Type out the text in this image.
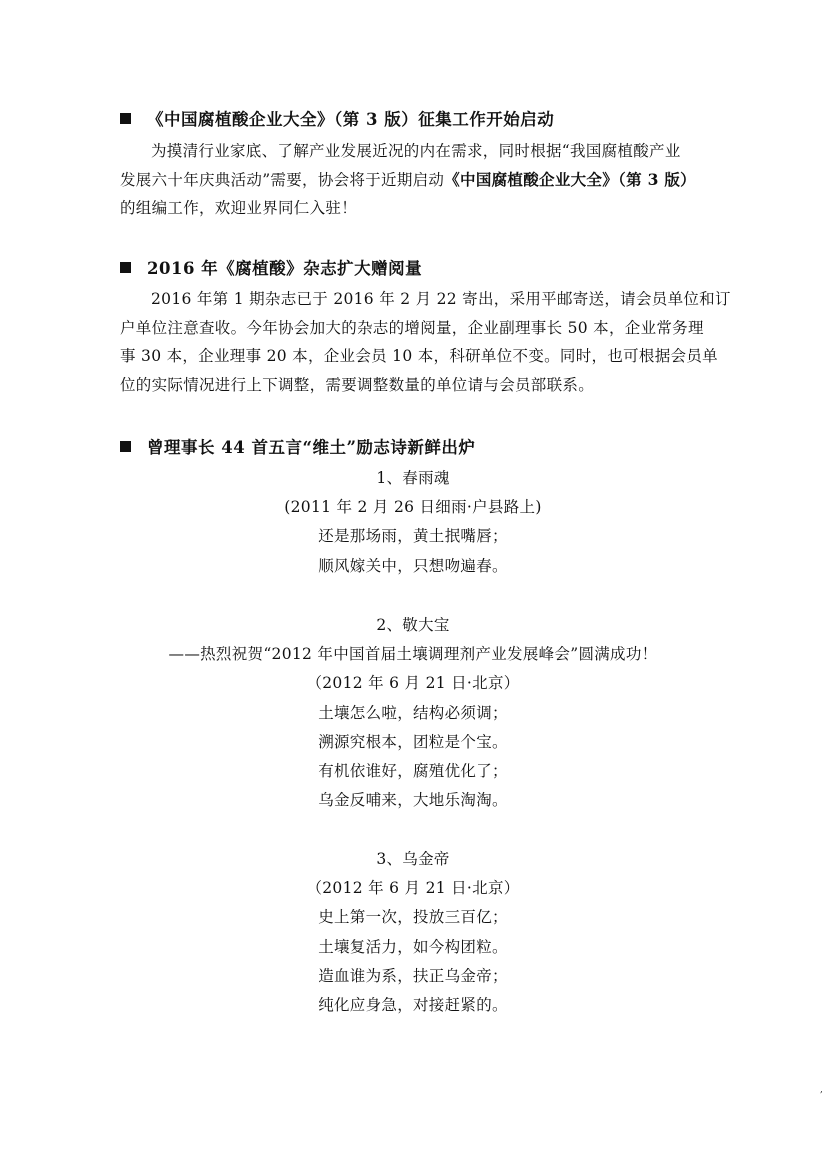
《中国腐植酸企业大全》（第 3 版）征集工作开始启动
为摸清行业家底、了解产业发展近况的内在需求，同时根据“我国腐植酸产业
发展六十年庆典活动”需要，协会将于近期启动《中国腐植酸企业大全》（第 3 版）
的组编工作，欢迎业界同仁入驻！
2016 年《腐植酸》杂志扩大赠阅量
2016 年第 1 期杂志已于 2016 年 2 月 22 寄出，采用平邮寄送，请会员单位和订
户单位注意查收。今年协会加大的杂志的增阅量，企业副理事长 50 本，企业常务理
事 30 本，企业理事 20 本，企业会员 10 本，科研单位不变。同时，也可根据会员单
位的实际情况进行上下调整，需要调整数量的单位请与会员部联系。
曾理事长 44 首五言“维土”励志诗新鲜出炉
1、春雨魂
(2011 年 2 月 26 日细雨·户县路上)
还是那场雨，黄土抿嘴唇；
顺风嫁关中，只想吻遍春。
2、敬大宝
——热烈祝贺“2012 年中国首届土壤调理剂产业发展峰会”圆满成功！
（2012 年 6 月 21 日·北京）
土壤怎么啦，结构必须调；
溯源究根本，团粒是个宝。
有机依谁好，腐殖优化了；
乌金反哺来，大地乐淘淘。
3、乌金帝
（2012 年 6 月 21 日·北京）
史上第一次，投放三百亿；
土壤复活力，如今构团粒。
造血谁为系，扶正乌金帝；
纯化应身急，对接赶紧的。
,
